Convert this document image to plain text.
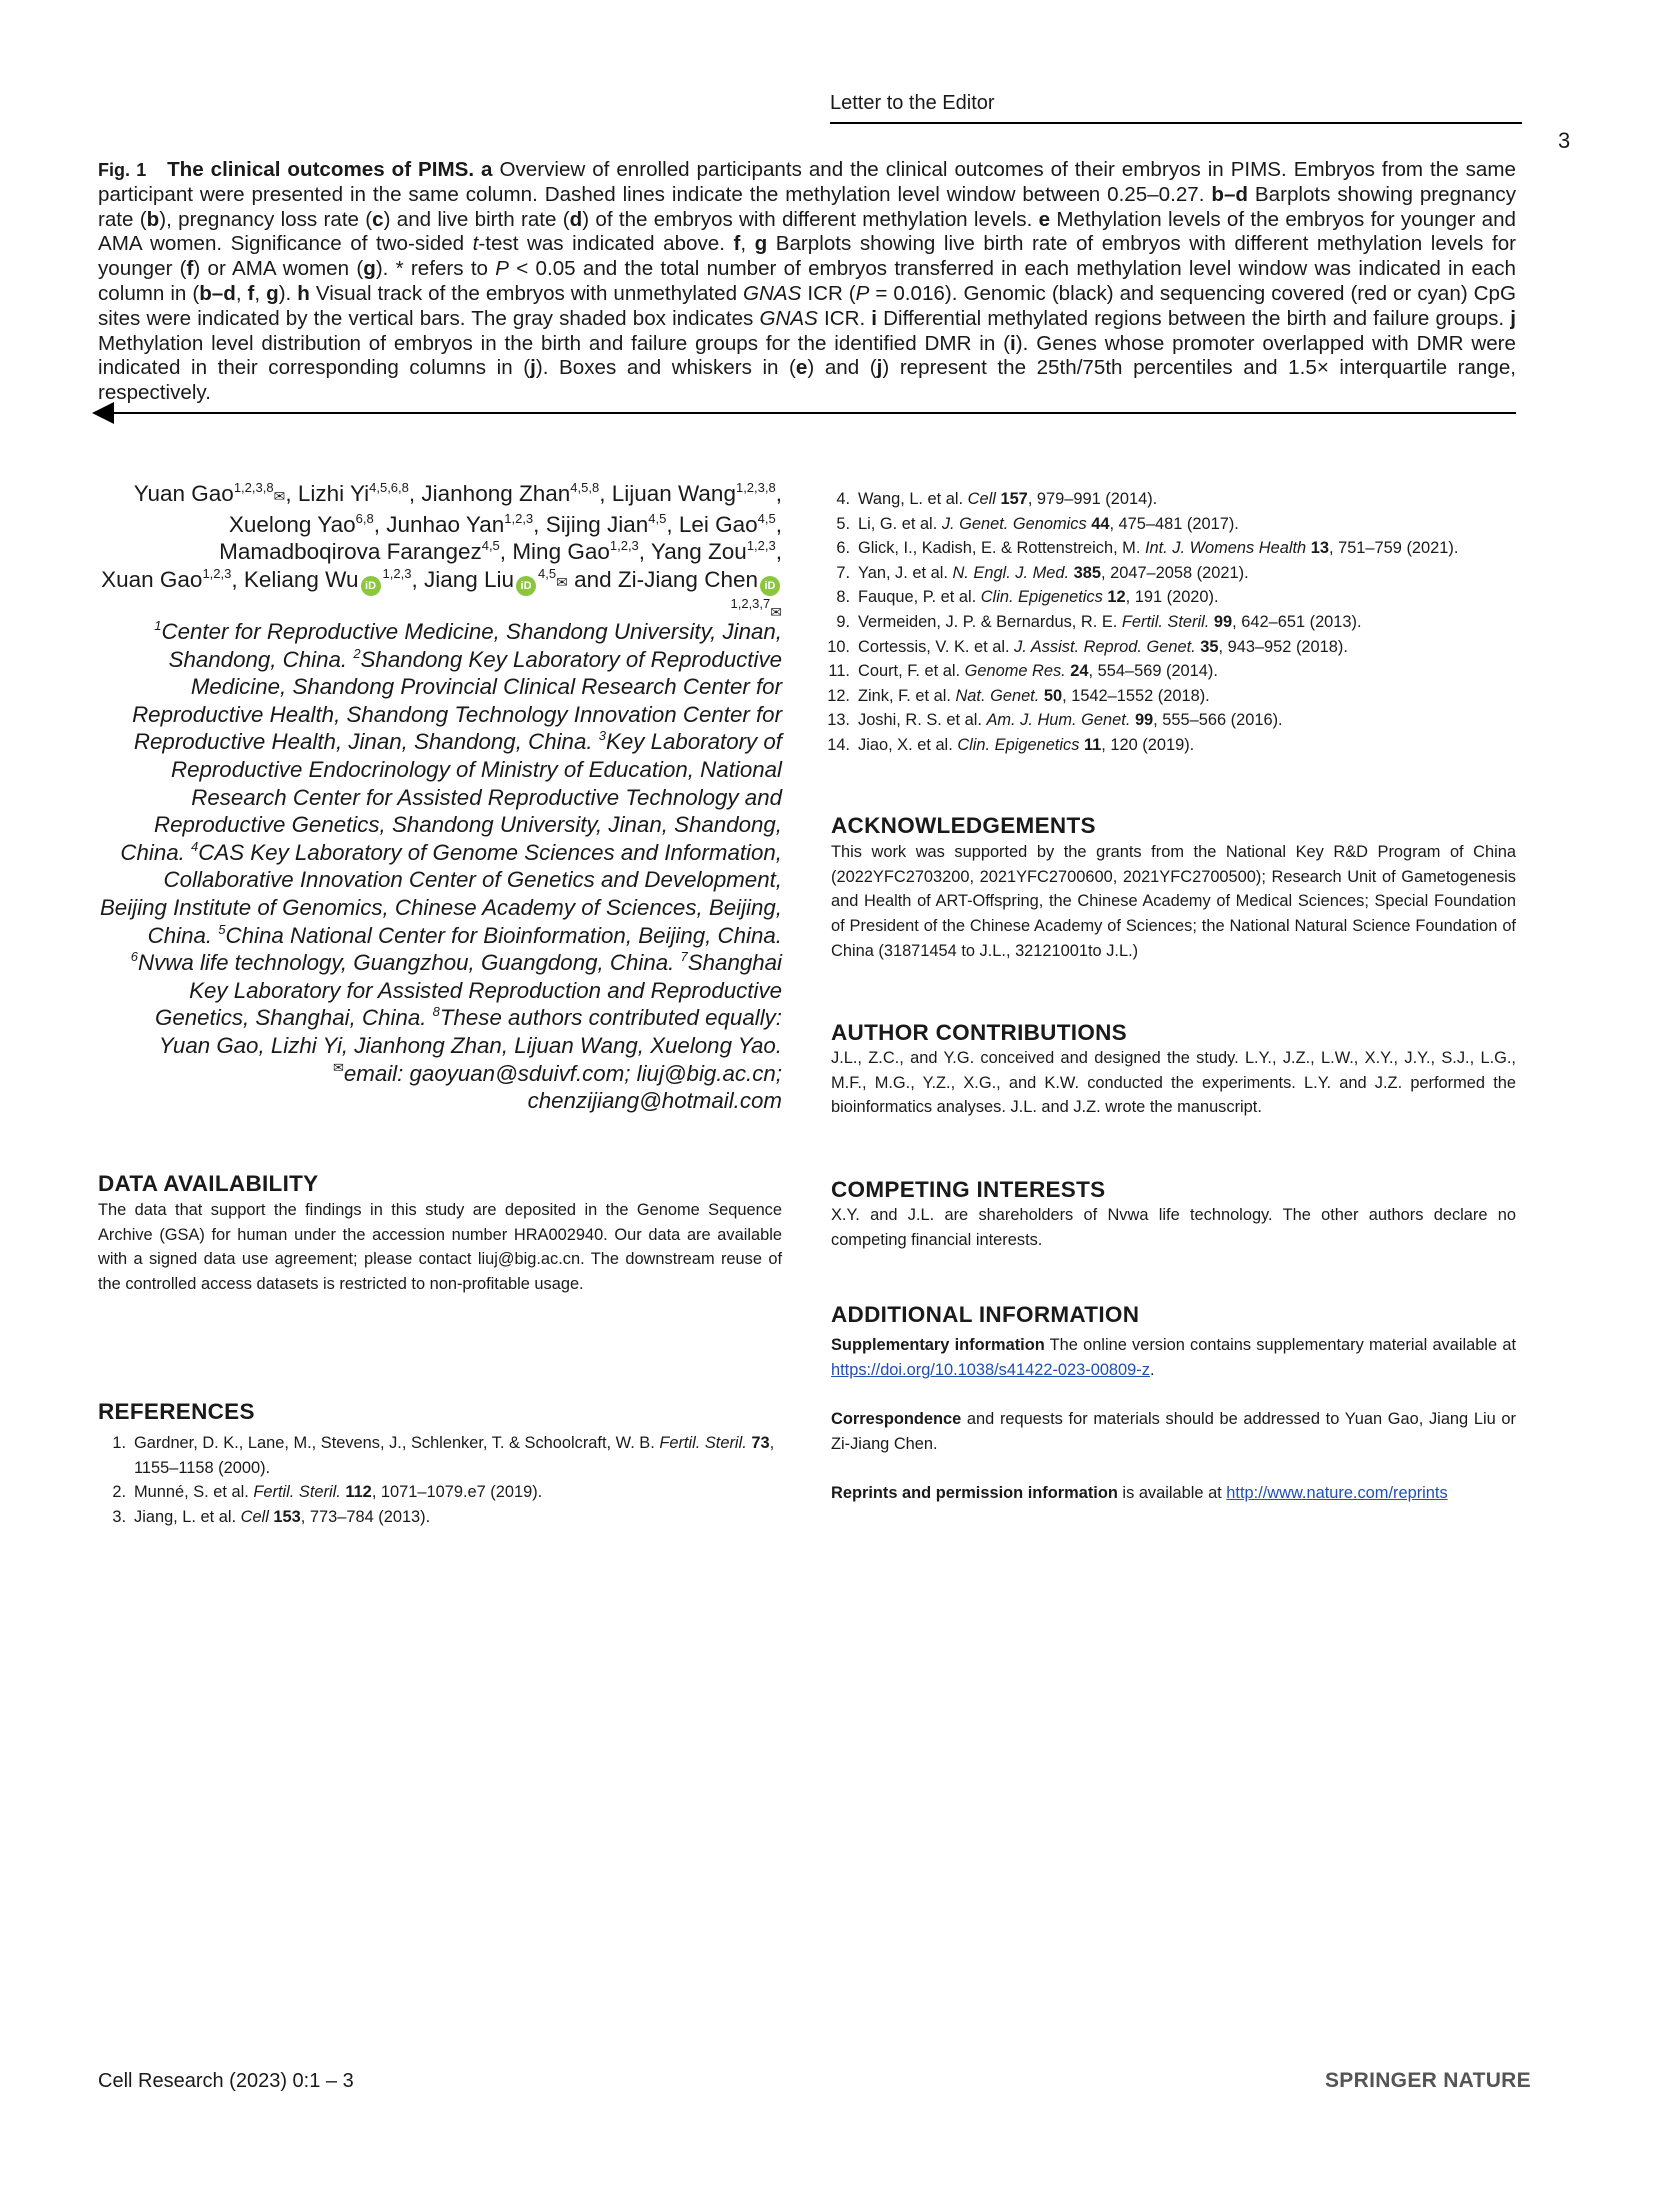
Letter to the Editor
3
Fig. 1 The clinical outcomes of PIMS. a Overview of enrolled participants and the clinical outcomes of their embryos in PIMS. Embryos from the same participant were presented in the same column. Dashed lines indicate the methylation level window between 0.25–0.27. b–d Barplots showing pregnancy rate (b), pregnancy loss rate (c) and live birth rate (d) of the embryos with different methylation levels. e Methylation levels of the embryos for younger and AMA women. Significance of two-sided t-test was indicated above. f, g Barplots showing live birth rate of embryos with different methylation levels for younger (f) or AMA women (g). * refers to P < 0.05 and the total number of embryos transferred in each methylation level window was indicated in each column in (b–d, f, g). h Visual track of the embryos with unmethylated GNAS ICR (P = 0.016). Genomic (black) and sequencing covered (red or cyan) CpG sites were indicated by the vertical bars. The gray shaded box indicates GNAS ICR. i Differential methylated regions between the birth and failure groups. j Methylation level distribution of embryos in the birth and failure groups for the identified DMR in (i). Genes whose promoter overlapped with DMR were indicated in their corresponding columns in (j). Boxes and whiskers in (e) and (j) represent the 25th/75th percentiles and 1.5× interquartile range, respectively.
Yuan Gao$^{1,2,3,8}$✉, Lizhi Yi$^{4,5,6,8}$, Jianhong Zhan$^{4,5,8}$, Lijuan Wang$^{1,2,3,8}$, Xuelong Yao$^{6,8}$, Junhao Yan$^{1,2,3}$, Sijing Jian$^{4,5}$, Lei Gao$^{4,5}$, Mamadboqirova Farangez$^{4,5}$, Ming Gao$^{1,2,3}$, Yang Zou$^{1,2,3}$, Xuan Gao$^{1,2,3}$, Keliang Wu iD$^{1,2,3}$, Jiang Liu iD$^{4,5}$✉ and Zi-Jiang Chen iD$^{1,2,3,7}$✉
$^1$Center for Reproductive Medicine, Shandong University, Jinan, Shandong, China. $^2$Shandong Key Laboratory of Reproductive Medicine, Shandong Provincial Clinical Research Center for Reproductive Health, Shandong Technology Innovation Center for Reproductive Health, Jinan, Shandong, China. $^3$Key Laboratory of Reproductive Endocrinology of Ministry of Education, National Research Center for Assisted Reproductive Technology and Reproductive Genetics, Shandong University, Jinan, Shandong, China. $^4$CAS Key Laboratory of Genome Sciences and Information, Collaborative Innovation Center of Genetics and Development, Beijing Institute of Genomics, Chinese Academy of Sciences, Beijing, China. $^5$China National Center for Bioinformation, Beijing, China. $^6$Nvwa life technology, Guangzhou, Guangdong, China. $^7$Shanghai Key Laboratory for Assisted Reproduction and Reproductive Genetics, Shanghai, China. $^8$These authors contributed equally: Yuan Gao, Lizhi Yi, Jianhong Zhan, Lijuan Wang, Xuelong Yao.
✉email: gaoyuan@sduivf.com; liuj@big.ac.cn; chenzijiang@hotmail.com
DATA AVAILABILITY
The data that support the findings in this study are deposited in the Genome Sequence Archive (GSA) for human under the accession number HRA002940. Our data are available with a signed data use agreement; please contact liuj@big.ac.cn. The downstream reuse of the controlled access datasets is restricted to non-profitable usage.
REFERENCES
1. Gardner, D. K., Lane, M., Stevens, J., Schlenker, T. & Schoolcraft, W. B. Fertil. Steril. 73, 1155–1158 (2000).
2. Munné, S. et al. Fertil. Steril. 112, 1071–1079.e7 (2019).
3. Jiang, L. et al. Cell 153, 773–784 (2013).
4. Wang, L. et al. Cell 157, 979–991 (2014).
5. Li, G. et al. J. Genet. Genomics 44, 475–481 (2017).
6. Glick, I., Kadish, E. & Rottenstreich, M. Int. J. Womens Health 13, 751–759 (2021).
7. Yan, J. et al. N. Engl. J. Med. 385, 2047–2058 (2021).
8. Fauque, P. et al. Clin. Epigenetics 12, 191 (2020).
9. Vermeiden, J. P. & Bernardus, R. E. Fertil. Steril. 99, 642–651 (2013).
10. Cortessis, V. K. et al. J. Assist. Reprod. Genet. 35, 943–952 (2018).
11. Court, F. et al. Genome Res. 24, 554–569 (2014).
12. Zink, F. et al. Nat. Genet. 50, 1542–1552 (2018).
13. Joshi, R. S. et al. Am. J. Hum. Genet. 99, 555–566 (2016).
14. Jiao, X. et al. Clin. Epigenetics 11, 120 (2019).
ACKNOWLEDGEMENTS
This work was supported by the grants from the National Key R&D Program of China (2022YFC2703200, 2021YFC2700600, 2021YFC2700500); Research Unit of Gametogenesis and Health of ART-Offspring, the Chinese Academy of Medical Sciences; Special Foundation of President of the Chinese Academy of Sciences; the National Natural Science Foundation of China (31871454 to J.L., 32121001to J.L.)
AUTHOR CONTRIBUTIONS
J.L., Z.C., and Y.G. conceived and designed the study. L.Y., J.Z., L.W., X.Y., J.Y., S.J., L.G., M.F., M.G., Y.Z., X.G., and K.W. conducted the experiments. L.Y. and J.Z. performed the bioinformatics analyses. J.L. and J.Z. wrote the manuscript.
COMPETING INTERESTS
X.Y. and J.L. are shareholders of Nvwa life technology. The other authors declare no competing financial interests.
ADDITIONAL INFORMATION
Supplementary information The online version contains supplementary material available at https://doi.org/10.1038/s41422-023-00809-z.
Correspondence and requests for materials should be addressed to Yuan Gao, Jiang Liu or Zi-Jiang Chen.
Reprints and permission information is available at http://www.nature.com/reprints
Cell Research (2023) 0:1 – 3	SPRINGER NATURE
